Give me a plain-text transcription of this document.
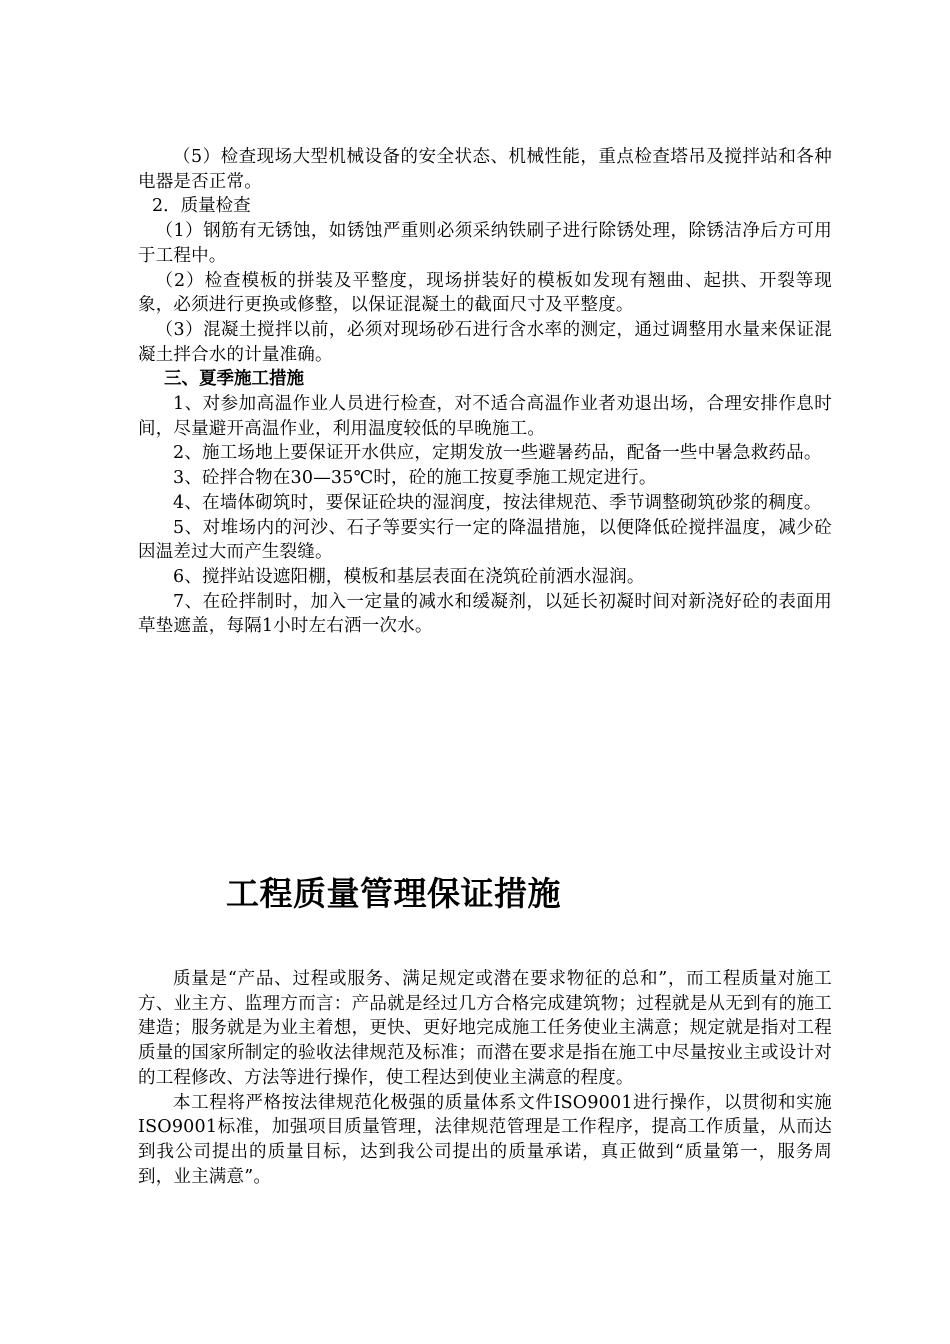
（5）检查现场大型机械设备的安全状态、机械性能，重点检查塔吊及搅拌站和各种电器是否正常。

2．质量检查

（1）钢筋有无锈蚀，如锈蚀严重则必须采纳铁刷子进行除锈处理，除锈洁净后方可用于工程中。

（2）检查模板的拼装及平整度，现场拼装好的模板如发现有翘曲、起拱、开裂等现象，必须进行更换或修整，以保证混凝土的截面尺寸及平整度。

（3）混凝土搅拌以前，必须对现场砂石进行含水率的测定，通过调整用水量来保证混凝土拌合水的计量准确。

三、夏季施工措施

1、对参加高温作业人员进行检查，对不适合高温作业者劝退出场，合理安排作息时间，尽量避开高温作业，利用温度较低的早晚施工。

2、施工场地上要保证开水供应，定期发放一些避暑药品，配备一些中暑急救药品。

3、砼拌合物在30—35℃时，砼的施工按夏季施工规定进行。

4、在墙体砌筑时，要保证砼块的湿润度，按法律规范、季节调整砌筑砂浆的稠度。

5、对堆场内的河沙、石子等要实行一定的降温措施，以便降低砼搅拌温度，减少砼因温差过大而产生裂缝。

6、搅拌站设遮阳棚，模板和基层表面在浇筑砼前洒水湿润。

7、在砼拌制时，加入一定量的减水和缓凝剂，以延长初凝时间对新浇好砼的表面用草垫遮盖，每隔1小时左右洒一次水。

工程质量管理保证措施

质量是“产品、过程或服务、满足规定或潜在要求物征的总和”，而工程质量对施工方、业主方、监理方而言：产品就是经过几方合格完成建筑物；过程就是从无到有的施工建造；服务就是为业主着想，更快、更好地完成施工任务使业主满意；规定就是指对工程质量的国家所制定的验收法律规范及标准；而潜在要求是指在施工中尽量按业主或设计对的工程修改、方法等进行操作，使工程达到使业主满意的程度。

本工程将严格按法律规范化极强的质量体系文件ISO9001进行操作，以贯彻和实施ISO9001标准，加强项目质量管理，法律规范管理是工作程序，提高工作质量，从而达到我公司提出的质量目标，达到我公司提出的质量承诺，真正做到“质量第一，服务周到，业主满意”。
